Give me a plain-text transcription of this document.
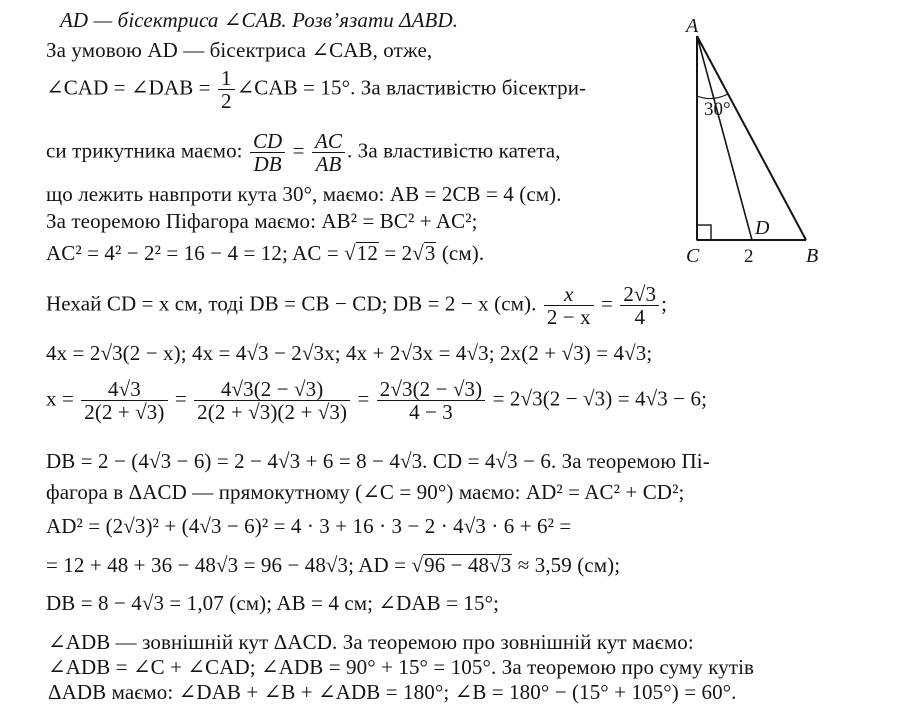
AD — бісектриса ∠CAB. Розв’язати ΔABD.
За умовою AD — бісектриса ∠CAB, отже,
∠CAD = ∠DAB = $\frac{1}{2}$ ∠CAB = 15°. За властивістю бісектри-
си трикутника маємо: $\frac{CD}{DB} = \frac{AC}{AB}$ . За властивістю катета,
що лежить навпроти кута 30°, маємо: AB = 2CB = 4 (см).
За теоремою Піфагора маємо: AB² = BC² + AC²;
AC² = 4² − 2² = 16 − 4 = 12; AC = √12 = 2√3 (см).
Нехай CD = x см, тоді DB = CB − CD; DB = 2 − x (см). $\frac{x}{2 - x} = \frac{2√3}{4}$ ;
4x = 2√3(2 − x); 4x = 4√3 − 2√3x; 4x + 2√3x = 4√3; 2x(2 + √3) = 4√3;
$x = \frac{4√3}{2(2 + √3)} = \frac{4√3(2 - √3)}{2(2 + √3)(2 + √3)} = \frac{2√3(2 - √3)}{4 - 3} = 2√3(2 - √3) = 4√3 - 6$;
DB = 2 − (4√3 − 6) = 2 − 4√3 + 6 = 8 − 4√3. CD = 4√3 − 6. За теоремою Пі-
фагора в ΔACD — прямокутному (∠C = 90°) маємо: AD² = AC² + CD²;
AD² = (2√3)² + (4√3 − 6)² = 4 · 3 + 16 · 3 − 2 · 4√3 · 6 + 6² =
= 12 + 48 + 36 − 48√3 = 96 − 48√3; AD = √96 − 48√3 ≈ 3,59 (см);
DB = 8 − 4√3 = 1,07 (см); AB = 4 см; ∠DAB = 15°;
∠ADB — зовнішній кут ΔACD. За теоремою про зовнішній кут маємо:
∠ADB = ∠C + ∠CAD; ∠ADB = 90° + 15° = 105°. За теоремою про суму кутів
ΔADB маємо: ∠DAB + ∠B + ∠ADB = 180°; ∠B = 180° − (15° + 105°) = 60°.
30°
A
C	B
D
2
